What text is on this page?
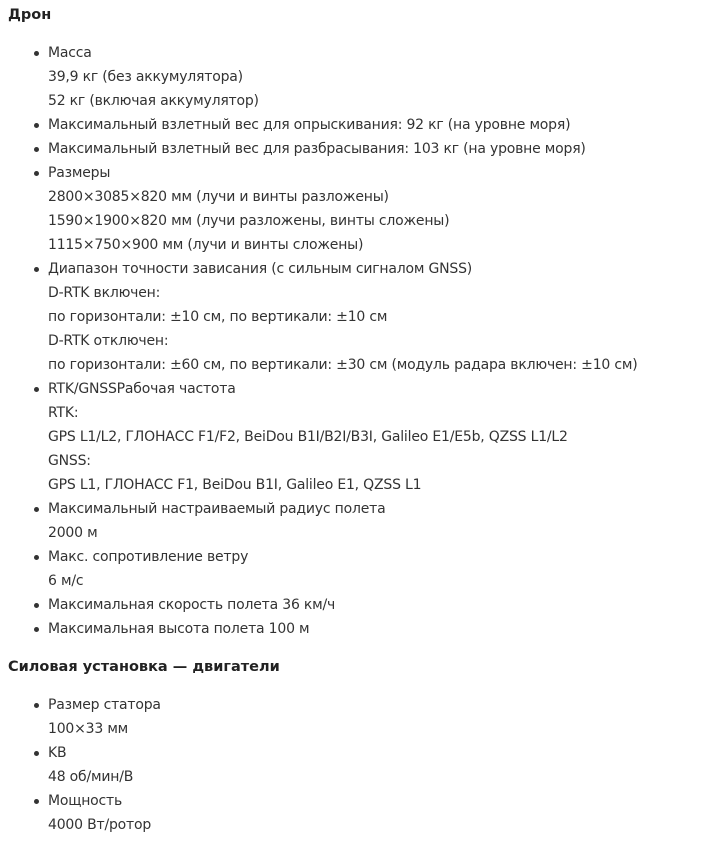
Дрон
Масса
39,9 кг (без аккумулятора)
52 кг (включая аккумулятор)
Максимальный взлетный вес для опрыскивания: 92 кг (на уровне моря)
Максимальный взлетный вес для разбрасывания: 103 кг (на уровне моря)
Размеры
2800×3085×820 мм (лучи и винты разложены)
1590×1900×820 мм (лучи разложены, винты сложены)
1115×750×900 мм (лучи и винты сложены)
Диапазон точности зависания (с сильным сигналом GNSS)
D-RTK включен:
по горизонтали: ±10 см, по вертикали: ±10 см
D-RTK отключен:
по горизонтали: ±60 см, по вертикали: ±30 см (модуль радара включен: ±10 см)
RTK/GNSSРабочая частота
RTK:
GPS L1/L2, ГЛОНАСС F1/F2, BeiDou B1I/B2I/B3I, Galileo E1/E5b, QZSS L1/L2
GNSS:
GPS L1, ГЛОНАСС F1, BeiDou B1I, Galileo E1, QZSS L1
Максимальный настраиваемый радиус полета
2000 м
Макс. сопротивление ветру
6 м/с
Максимальная скорость полета 36 км/ч
Максимальная высота полета 100 м
Силовая установка — двигатели
Размер статора
100×33 мм
KВ
48 об/мин/В
Мощность
4000 Вт/ротор
